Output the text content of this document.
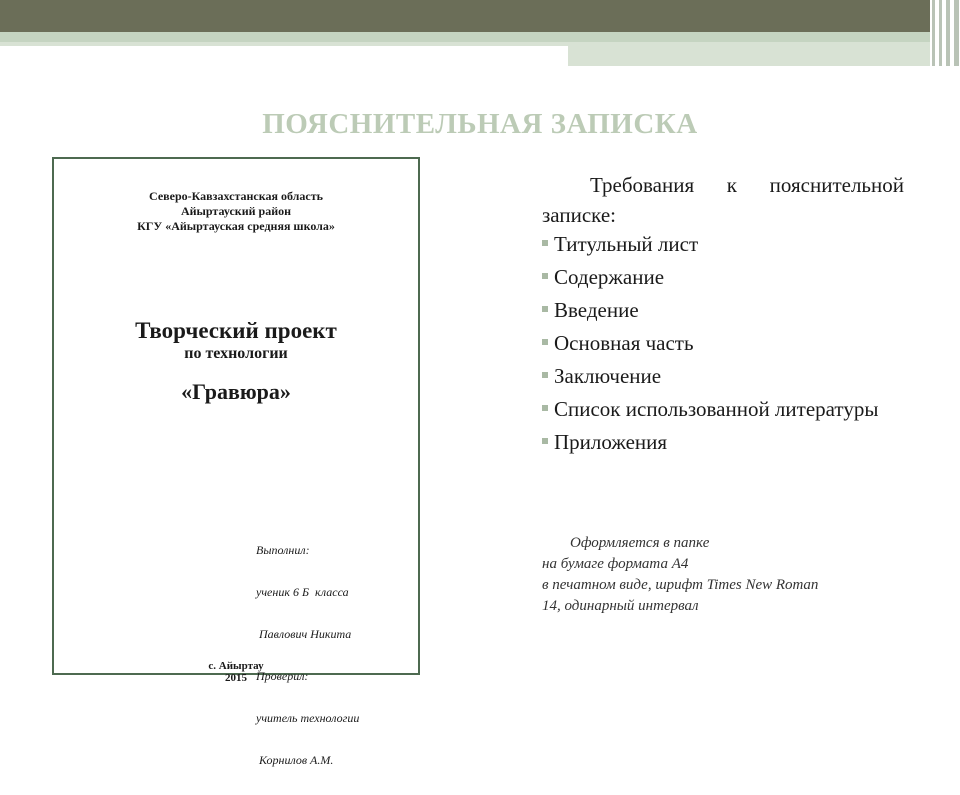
ПОЯСНИТЕЛЬНАЯ ЗАПИСКА
Северо-Кавзахстанская область
Айыртауский район
КГУ «Айыртауская средняя школа»
Творческий проект
по технологии
«Гравюра»

Выполнил:

ученик 6 Б  класса

Павлович Никита

Проверил:

учитель технологии

Корнилов А.М.

с. Айыртау
2015
Требования к пояснительной записке:
Титульный лист
Содержание
Введение
Основная часть
Заключение
Список использованной литературы
Приложения
Оформляется в папке
на бумаге формата А4
в печатном виде, шрифт Times New Roman
14, одинарный интервал
